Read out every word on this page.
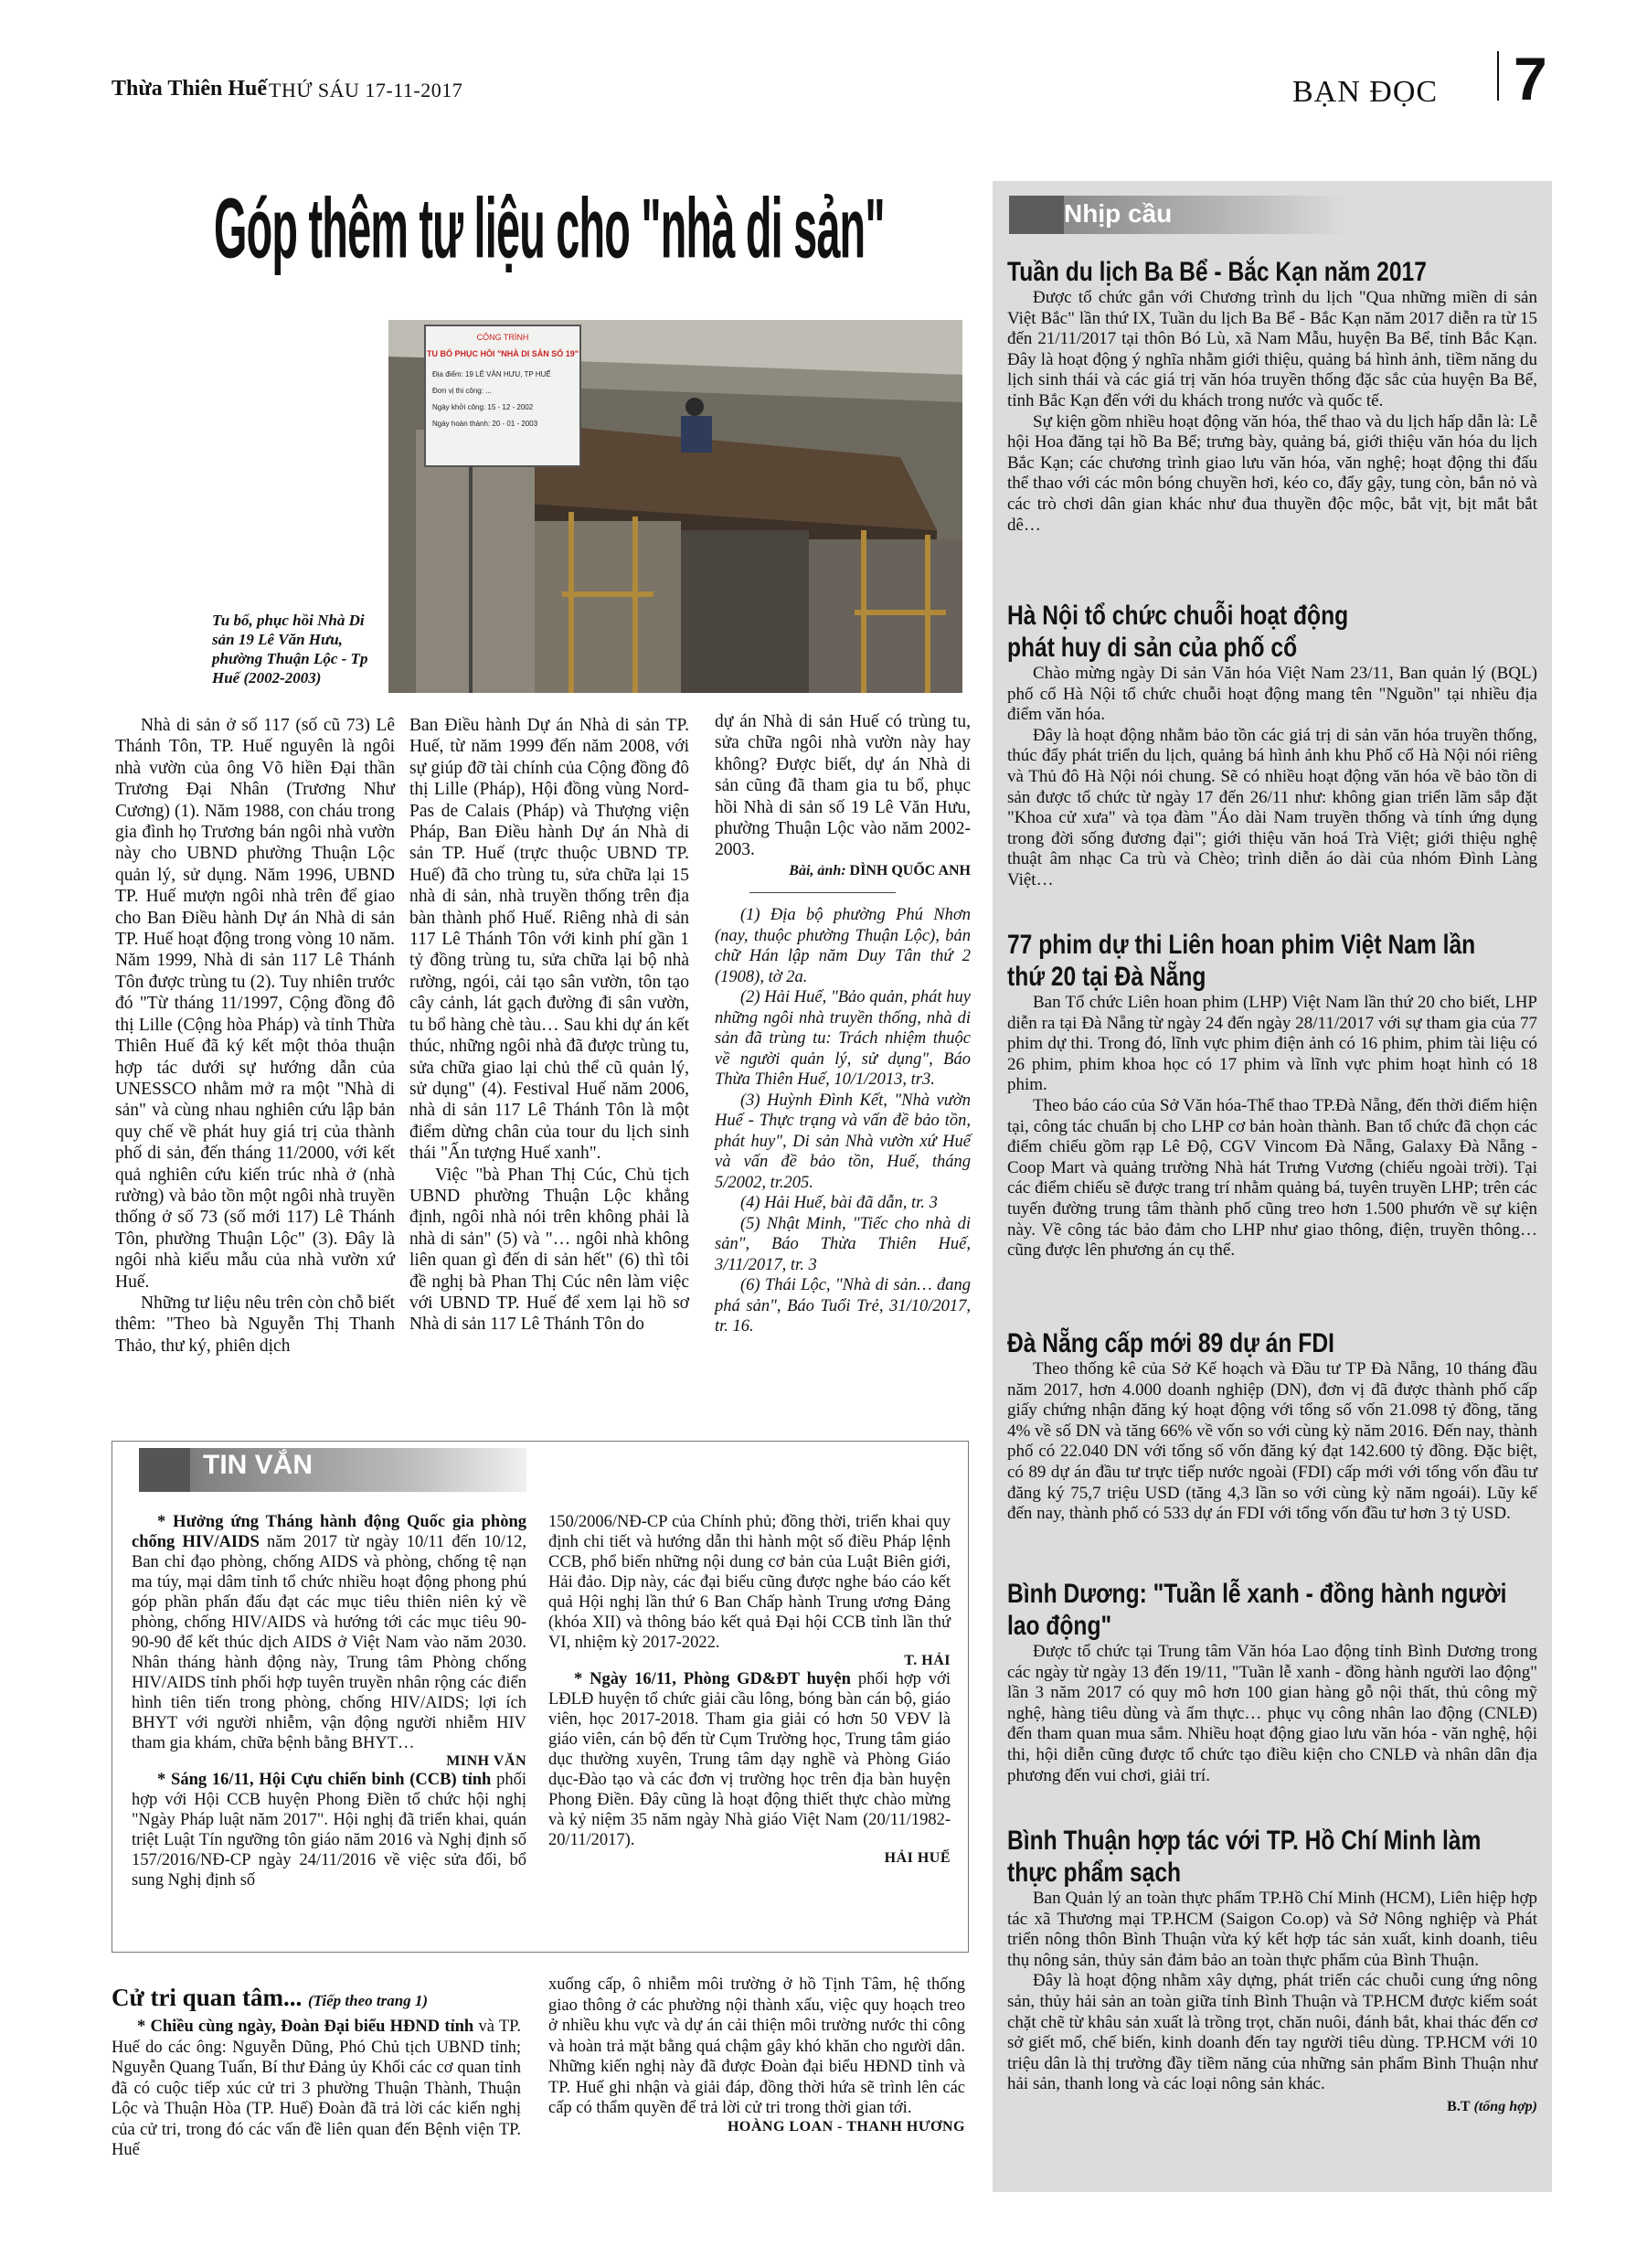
Thừa Thiên Huế THỨ SÁU 17-11-2017	BẠN ĐỌC 7
Góp thêm tư liệu cho "nhà di sản"
CÔNG TRÌNH
TU BỔ PHỤC HỒI "NHÀ DI SẢN SỐ 19"
Địa điểm: 19 LÊ VĂN HƯU, TP HUẾ
Đơn vị thi công: ...
Ngày khởi công: 15 - 12 - 2002
Ngày hoàn thành: 20 - 01 - 2003
Tu bổ, phục hồi Nhà Di sản 19 Lê Văn Hưu, phường Thuận Lộc - Tp Huế (2002-2003)

Nhà di sản ở số 117 (số cũ 73) Lê Thánh Tôn, TP. Huế nguyên là ngôi nhà vườn của ông Võ hiền Đại thần Trương Đại Nhân (Trương Như Cương) (1). Năm 1988, con cháu trong gia đình họ Trương bán ngôi nhà vườn này cho UBND phường Thuận Lộc quản lý, sử dụng. Năm 1996, UBND TP. Huế mượn ngôi nhà trên để giao cho Ban Điều hành Dự án Nhà di sản TP. Huế hoạt động trong vòng 10 năm. Năm 1999, Nhà di sản 117 Lê Thánh Tôn được trùng tu (2). Tuy nhiên trước đó "Từ tháng 11/1997, Cộng đồng đô thị Lille (Cộng hòa Pháp) và tỉnh Thừa Thiên Huế đã ký kết một thỏa thuận hợp tác dưới sự hướng dẫn của UNESSCO nhằm mở ra một "Nhà di sản" và cùng nhau nghiên cứu lập bản quy chế về phát huy giá trị của thành phố di sản, đến tháng 11/2000, với kết quả nghiên cứu kiến trúc nhà ở (nhà rường) và bảo tồn một ngôi nhà truyền thống ở số 73 (số mới 117) Lê Thánh Tôn, phường Thuận Lộc" (3). Đây là ngôi nhà kiểu mẫu của nhà vườn xứ Huế.

Những tư liệu nêu trên còn chỗ biết thêm: "Theo bà Nguyễn Thị Thanh Thảo, thư ký, phiên dịch

Ban Điều hành Dự án Nhà di sản TP. Huế, từ năm 1999 đến năm 2008, với sự giúp đỡ tài chính của Cộng đồng đô thị Lille (Pháp), Hội đồng vùng Nord-Pas de Calais (Pháp) và Thượng viện Pháp, Ban Điều hành Dự án Nhà di sản TP. Huế (trực thuộc UBND TP. Huế) đã cho trùng tu, sửa chữa lại 15 nhà di sản, nhà truyền thống trên địa bàn thành phố Huế. Riêng nhà di sản 117 Lê Thánh Tôn với kinh phí gần 1 tỷ đồng trùng tu, sửa chữa lại bộ nhà rường, ngói, cải tạo sân vườn, tôn tạo cây cảnh, lát gạch đường đi sân vườn, tu bổ hàng chè tàu… Sau khi dự án kết thúc, những ngôi nhà đã được trùng tu, sửa chữa giao lại chủ thể cũ quản lý, sử dụng" (4). Festival Huế năm 2006, nhà di sản 117 Lê Thánh Tôn là một điểm dừng chân của tour du lịch sinh thái "Ấn tượng Huế xanh".

Việc "bà Phan Thị Cúc, Chủ tịch UBND phường Thuận Lộc khẳng định, ngôi nhà nói trên không phải là nhà di sản" (5) và "… ngôi nhà không liên quan gì đến di sản hết" (6) thì tôi đề nghị bà Phan Thị Cúc nên làm việc với UBND TP. Huế để xem lại hồ sơ Nhà di sản 117 Lê Thánh Tôn do

dự án Nhà di sản Huế có trùng tu, sửa chữa ngôi nhà vườn này hay không? Được biết, dự án Nhà di sản cũng đã tham gia tu bổ, phục hồi Nhà di sản số 19 Lê Văn Hưu, phường Thuận Lộc vào năm 2002-2003.

Bài, ảnh: DÌNH QUỐC ANH

(1) Địa bộ phường Phú Nhơn (nay, thuộc phường Thuận Lộc), bản chữ Hán lập năm Duy Tân thứ 2 (1908), tờ 2a.

(2) Hải Huế, "Bảo quản, phát huy những ngôi nhà truyền thống, nhà di sản đã trùng tu: Trách nhiệm thuộc về người quản lý, sử dụng", Báo Thừa Thiên Huế, 10/1/2013, tr3.

(3) Huỳnh Đình Kết, "Nhà vườn Huế - Thực trạng và vấn đề bảo tồn, phát huy", Di sản Nhà vườn xứ Huế và vấn đề bảo tồn, Huế, tháng 5/2002, tr.205.

(4) Hải Huế, bài đã dẫn, tr. 3

(5) Nhật Minh, "Tiếc cho nhà di sản", Báo Thừa Thiên Huế, 3/11/2017, tr. 3

(6) Thái Lộc, "Nhà di sản… đang phá sản", Báo Tuổi Trẻ, 31/10/2017, tr. 16.

TIN VẮN

* Hưởng ứng Tháng hành động Quốc gia phòng chống HIV/AIDS năm 2017 từ ngày 10/11 đến 10/12, Ban chỉ đạo phòng, chống AIDS và phòng, chống tệ nạn ma túy, mại dâm tỉnh tổ chức nhiều hoạt động phong phú góp phần phấn đấu đạt các mục tiêu thiên niên kỷ về phòng, chống HIV/AIDS và hướng tới các mục tiêu 90-90-90 để kết thúc dịch AIDS ở Việt Nam vào năm 2030. Nhân tháng hành động này, Trung tâm Phòng chống HIV/AIDS tỉnh phối hợp tuyên truyền nhân rộng các điển hình tiên tiến trong phòng, chống HIV/AIDS; lợi ích BHYT với người nhiễm, vận động người nhiễm HIV tham gia khám, chữa bệnh bằng BHYT…

MINH VĂN

* Sáng 16/11, Hội Cựu chiến binh (CCB) tỉnh phối hợp với Hội CCB huyện Phong Điền tổ chức hội nghị "Ngày Pháp luật năm 2017". Hội nghị đã triển khai, quán triệt Luật Tín ngưỡng tôn giáo năm 2016 và Nghị định số 157/2016/NĐ-CP ngày 24/11/2016 về việc sửa đổi, bổ sung Nghị định số

150/2006/NĐ-CP của Chính phủ; đồng thời, triển khai quy định chi tiết và hướng dẫn thi hành một số điều Pháp lệnh CCB, phổ biến những nội dung cơ bản của Luật Biên giới, Hải đảo. Dịp này, các đại biểu cũng được nghe báo cáo kết quả Hội nghị lần thứ 6 Ban Chấp hành Trung ương Đảng (khóa XII) và thông báo kết quả Đại hội CCB tỉnh lần thứ VI, nhiệm kỳ 2017-2022.

T. HẢI

* Ngày 16/11, Phòng GD&ĐT huyện phối hợp với LĐLĐ huyện tổ chức giải cầu lông, bóng bàn cán bộ, giáo viên, học 2017-2018. Tham gia giải có hơn 50 VĐV là giáo viên, cán bộ đến từ Cụm Trường học, Trung tâm giáo dục thường xuyên, Trung tâm dạy nghề và Phòng Giáo dục-Đào tạo và các đơn vị trường học trên địa bàn huyện Phong Điền. Đây cũng là hoạt động thiết thực chào mừng và kỷ niệm 35 năm ngày Nhà giáo Việt Nam (20/11/1982-20/11/2017).

HẢI HUẾ

Cử tri quan tâm... (Tiếp theo trang 1)

* Chiều cùng ngày, Đoàn Đại biểu HĐND tỉnh và TP. Huế do các ông: Nguyễn Dũng, Phó Chủ tịch UBND tỉnh; Nguyễn Quang Tuấn, Bí thư Đảng ủy Khối các cơ quan tỉnh đã có cuộc tiếp xúc cử tri 3 phường Thuận Thành, Thuận Lộc và Thuận Hòa (TP. Huế) Đoàn đã trả lời các kiến nghị của cử tri, trong đó các vấn đề liên quan đến Bệnh viện TP. Huế

xuống cấp, ô nhiễm môi trường ở hồ Tịnh Tâm, hệ thống giao thông ở các phường nội thành xấu, việc quy hoạch treo ở nhiều khu vực và dự án cải thiện môi trường nước thi công và hoàn trả mặt bằng quá chậm gây khó khăn cho người dân. Những kiến nghị này đã được Đoàn đại biểu HĐND tỉnh và TP. Huế ghi nhận và giải đáp, đồng thời hứa sẽ trình lên các cấp có thẩm quyền để trả lời cử tri trong thời gian tới.

HOÀNG LOAN - THANH HƯƠNG

Nhịp cầu
Tuần du lịch Ba Bể - Bắc Kạn năm 2017

Được tổ chức gắn với Chương trình du lịch "Qua những miền di sản Việt Bắc" lần thứ IX, Tuần du lịch Ba Bể - Bắc Kạn năm 2017 diễn ra từ 15 đến 21/11/2017 tại thôn Bó Lù, xã Nam Mẫu, huyện Ba Bể, tỉnh Bắc Kạn. Đây là hoạt động ý nghĩa nhằm giới thiệu, quảng bá hình ảnh, tiềm năng du lịch sinh thái và các giá trị văn hóa truyền thống đặc sắc của huyện Ba Bể, tỉnh Bắc Kạn đến với du khách trong nước và quốc tế.

Sự kiện gồm nhiều hoạt động văn hóa, thể thao và du lịch hấp dẫn là: Lễ hội Hoa đăng tại hồ Ba Bể; trưng bày, quảng bá, giới thiệu văn hóa du lịch Bắc Kạn; các chương trình giao lưu văn hóa, văn nghệ; hoạt động thi đấu thể thao với các môn bóng chuyền hơi, kéo co, đẩy gậy, tung còn, bắn nỏ và các trò chơi dân gian khác như đua thuyền độc mộc, bắt vịt, bịt mắt bắt dê…

Hà Nội tổ chức chuỗi hoạt động phát huy di sản của phố cổ

Chào mừng ngày Di sản Văn hóa Việt Nam 23/11, Ban quản lý (BQL) phố cổ Hà Nội tổ chức chuỗi hoạt động mang tên "Nguồn" tại nhiều địa điểm văn hóa.

Đây là hoạt động nhằm bảo tồn các giá trị di sản văn hóa truyền thống, thúc đẩy phát triển du lịch, quảng bá hình ảnh khu Phố cổ Hà Nội nói riêng và Thủ đô Hà Nội nói chung. Sẽ có nhiều hoạt động văn hóa về bảo tồn di sản được tổ chức từ ngày 17 đến 26/11 như: không gian triển lãm sắp đặt "Khoa cử xưa" và tọa đàm "Áo dài Nam truyền thống và tính ứng dụng trong đời sống đương đại"; giới thiệu văn hoá Trà Việt; giới thiệu nghệ thuật âm nhạc Ca trù và Chèo; trình diễn áo dài của nhóm Đình Làng Việt…

77 phim dự thi Liên hoan phim Việt Nam lần thứ 20 tại Đà Nẵng

Ban Tổ chức Liên hoan phim (LHP) Việt Nam lần thứ 20 cho biết, LHP diễn ra tại Đà Nẵng từ ngày 24 đến ngày 28/11/2017 với sự tham gia của 77 phim dự thi. Trong đó, lĩnh vực phim điện ảnh có 16 phim, phim tài liệu có 26 phim, phim khoa học có 17 phim và lĩnh vực phim hoạt hình có 18 phim.

Theo báo cáo của Sở Văn hóa-Thể thao TP.Đà Nẵng, đến thời điểm hiện tại, công tác chuẩn bị cho LHP cơ bản hoàn thành. Ban tổ chức đã chọn các điểm chiếu gồm rạp Lê Độ, CGV Vincom Đà Nẵng, Galaxy Đà Nẵng - Coop Mart và quảng trường Nhà hát Trưng Vương (chiếu ngoài trời). Tại các điểm chiếu sẽ được trang trí nhằm quảng bá, tuyên truyền LHP; trên các tuyến đường trung tâm thành phố cũng treo hơn 1.500 phướn về sự kiện này. Về công tác bảo đảm cho LHP như giao thông, điện, truyền thông… cũng được lên phương án cụ thể.

Đà Nẵng cấp mới 89 dự án FDI

Theo thống kê của Sở Kế hoạch và Đầu tư TP Đà Nẵng, 10 tháng đầu năm 2017, hơn 4.000 doanh nghiệp (DN), đơn vị đã được thành phố cấp giấy chứng nhận đăng ký hoạt động với tổng số vốn 21.098 tỷ đồng, tăng 4% về số DN và tăng 66% về vốn so với cùng kỳ năm 2016. Đến nay, thành phố có 22.040 DN với tổng số vốn đăng ký đạt 142.600 tỷ đồng. Đặc biệt, có 89 dự án đầu tư trực tiếp nước ngoài (FDI) cấp mới với tổng vốn đầu tư đăng ký 75,7 triệu USD (tăng 4,3 lần so với cùng kỳ năm ngoái). Lũy kế đến nay, thành phố có 533 dự án FDI với tổng vốn đầu tư hơn 3 tỷ USD.

Bình Dương: "Tuần lễ xanh - đồng hành người lao động"

Được tổ chức tại Trung tâm Văn hóa Lao động tỉnh Bình Dương trong các ngày từ ngày 13 đến 19/11, "Tuần lễ xanh - đồng hành người lao động" lần 3 năm 2017 có quy mô hơn 100 gian hàng gỗ nội thất, thủ công mỹ nghệ, hàng tiêu dùng và ẩm thực… phục vụ công nhân lao động (CNLĐ) đến tham quan mua sắm. Nhiều hoạt động giao lưu văn hóa - văn nghệ, hội thi, hội diễn cũng được tổ chức tạo điều kiện cho CNLĐ và nhân dân địa phương đến vui chơi, giải trí.

Bình Thuận hợp tác với TP. Hồ Chí Minh làm thực phẩm sạch

Ban Quản lý an toàn thực phẩm TP.Hồ Chí Minh (HCM), Liên hiệp hợp tác xã Thương mại TP.HCM (Saigon Co.op) và Sở Nông nghiệp và Phát triển nông thôn Bình Thuận vừa ký kết hợp tác sản xuất, kinh doanh, tiêu thụ nông sản, thủy sản đảm bảo an toàn thực phẩm của Bình Thuận.

Đây là hoạt động nhằm xây dựng, phát triển các chuỗi cung ứng nông sản, thủy hải sản an toàn giữa tỉnh Bình Thuận và TP.HCM được kiểm soát chặt chẽ từ khâu sản xuất là trồng trọt, chăn nuôi, đánh bắt, khai thác đến cơ sở giết mổ, chế biến, kinh doanh đến tay người tiêu dùng. TP.HCM với 10 triệu dân là thị trường đầy tiềm năng của những sản phẩm Bình Thuận như hải sản, thanh long và các loại nông sản khác.

B.T (tổng hợp)
